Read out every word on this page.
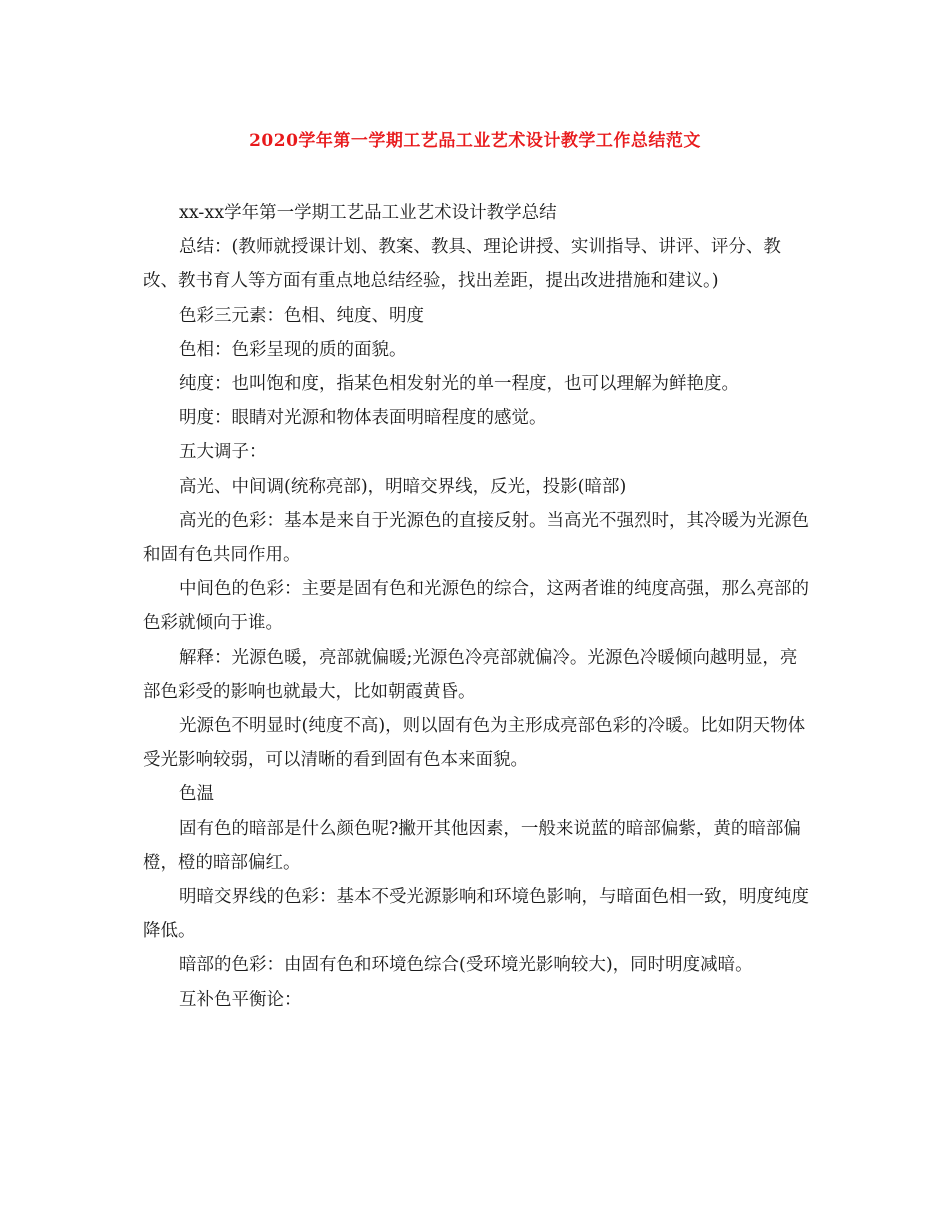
2020学年第一学期工艺品工业艺术设计教学工作总结范文

xx-xx学年第一学期工艺品工业艺术设计教学总结

总结：(教师就授课计划、教案、教具、理论讲授、实训指导、讲评、评分、教改、教书育人等方面有重点地总结经验，找出差距，提出改进措施和建议。)

色彩三元素：色相、纯度、明度

色相：色彩呈现的质的面貌。

纯度：也叫饱和度，指某色相发射光的单一程度，也可以理解为鲜艳度。

明度：眼睛对光源和物体表面明暗程度的感觉。

五大调子：

高光、中间调(统称亮部)，明暗交界线，反光，投影(暗部)

高光的色彩：基本是来自于光源色的直接反射。当高光不强烈时，其冷暖为光源色和固有色共同作用。

中间色的色彩：主要是固有色和光源色的综合，这两者谁的纯度高强，那么亮部的色彩就倾向于谁。

解释：光源色暖，亮部就偏暖;光源色冷亮部就偏冷。光源色冷暖倾向越明显，亮部色彩受的影响也就最大，比如朝霞黄昏。

光源色不明显时(纯度不高)，则以固有色为主形成亮部色彩的冷暖。比如阴天物体受光影响较弱，可以清晰的看到固有色本来面貌。

色温

固有色的暗部是什么颜色呢?撇开其他因素，一般来说蓝的暗部偏紫，黄的暗部偏橙，橙的暗部偏红。

明暗交界线的色彩：基本不受光源影响和环境色影响，与暗面色相一致，明度纯度降低。

暗部的色彩：由固有色和环境色综合(受环境光影响较大)，同时明度减暗。

互补色平衡论：
